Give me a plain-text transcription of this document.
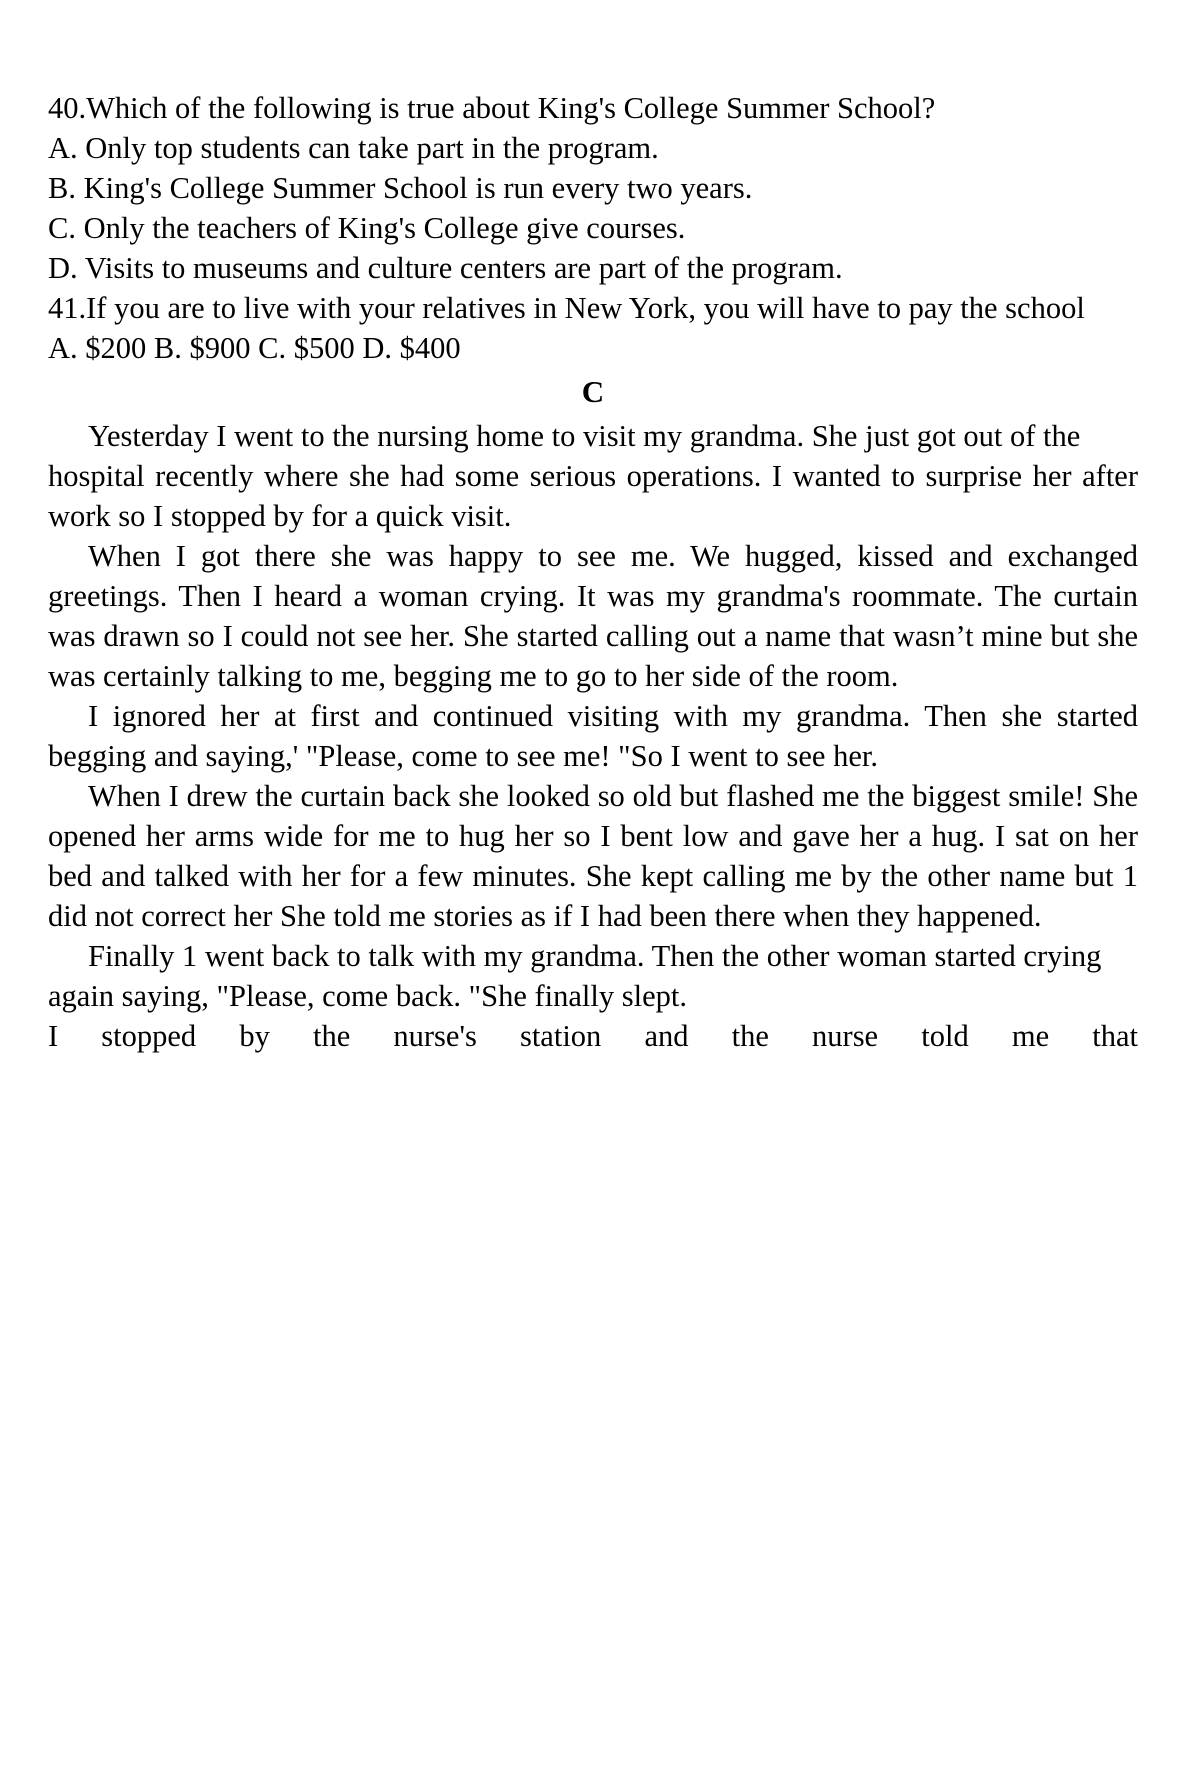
40.Which of the following is true about King's College Summer School?

A. Only top students can take part in the program.

B. King's College Summer School is run every two years.

C. Only the teachers of King's College give courses.

D. Visits to museums and culture centers are part of the program.

41.If you are to live with your relatives in New York, you will have to pay the school

A. $200 B. $900 C. $500 D. $400

C

Yesterday I went to the nursing home to visit my grandma. She just got out of the

hospital recently where she had some serious operations. I wanted to surprise her after work so I stopped by for a quick visit.

When I got there she was happy to see me. We hugged, kissed and exchanged greetings. Then I heard a woman crying. It was my grandma's roommate. The curtain was drawn so I could not see her. She started calling out a name that wasn’t mine but she was certainly talking to me, begging me to go to her side of the room.

I ignored her at first and continued visiting with my grandma. Then she started begging and saying,' "Please, come to see me! "So I went to see her.

When I drew the curtain back she looked so old but flashed me the biggest smile! She opened her arms wide for me to hug her so I bent low and gave her a hug. I sat on her bed and talked with her for a few minutes. She kept calling me by the other name but 1 did not correct her She told me stories as if I had been there when they happened.

Finally 1 went back to talk with my grandma. Then the other woman started crying

again saying, "Please, come back. "She finally slept.

I stopped by the nurse's station and the nurse told me that
